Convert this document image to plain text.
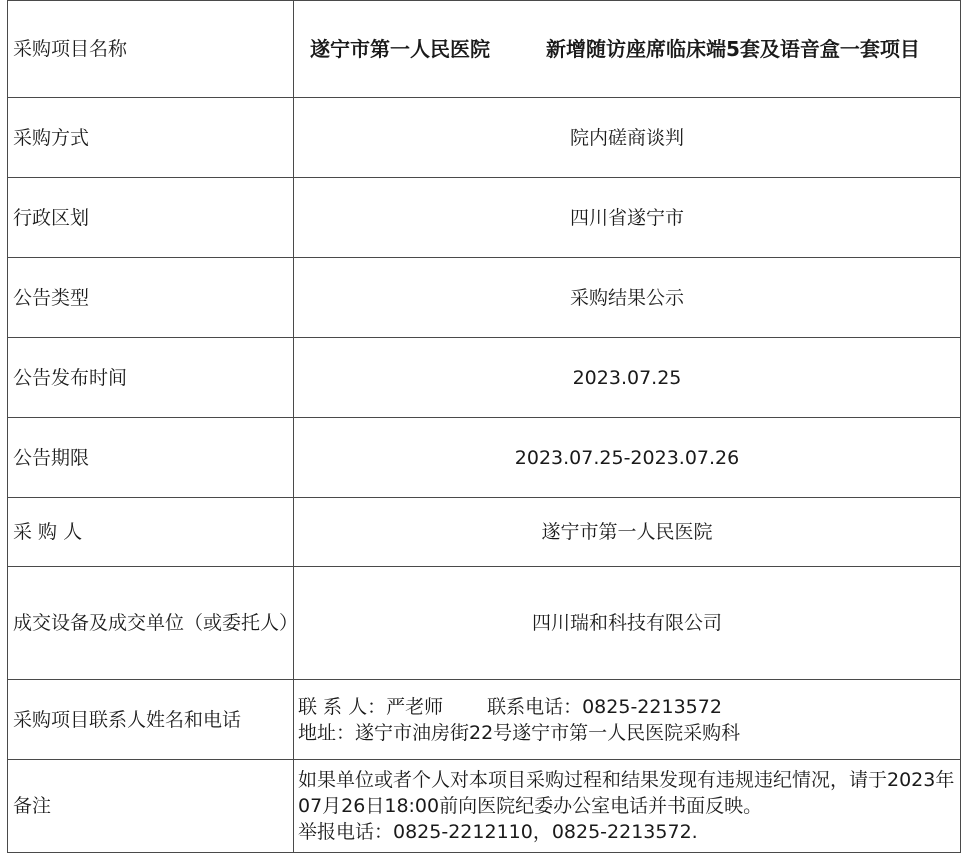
采购项目名称	遂宁市第一人民医院 新增随访座席临床端5套及语音盒一套项目

采购方式	院内磋商谈判
行政区划	四川省遂宁市
公告类型	采购结果公示
公告发布时间	2023.07.25
公告期限	2023.07.25-2023.07.26
采 购 人	遂宁市第一人民医院
成交设备及成交单位（或委托人）	四川瑞和科技有限公司
采购项目联系人姓名和电话	联 系 人：严老师 联系电话：0825-2213572
地址：遂宁市油房街22号遂宁市第一人民医院采购科

备注	如果单位或者个人对本项目采购过程和结果发现有违规违纪情况，请于2023年07月26日18:00前向医院纪委办公室电话并书面反映。
举报电话：0825-2212110，0825-2213572.
